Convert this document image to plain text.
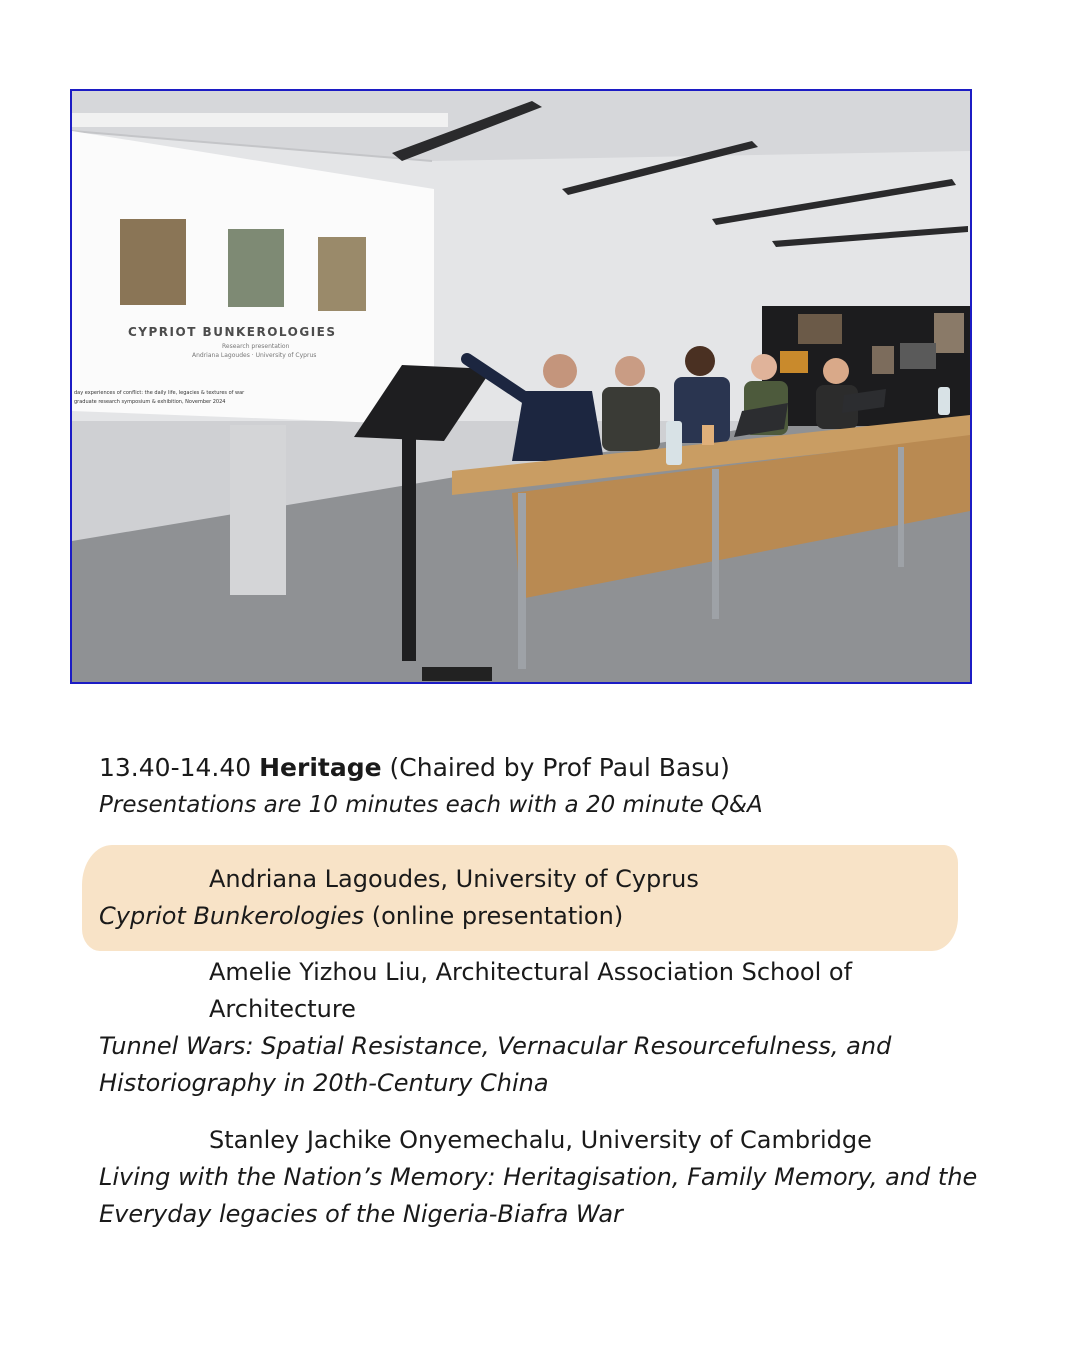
CYPRIOT BUNKEROLOGIES
Research presentation
Andriana Lagoudes · University of Cyprus
day experiences of conflict: the daily life, legacies & textures of war
graduate research symposium & exhibition, November 2024
13.40-14.40 Heritage (Chaired by Prof Paul Basu)
Presentations are 10 minutes each with a 20 minute Q&A
Andriana Lagoudes, University of Cyprus
Cypriot Bunkerologies (online presentation)
Amelie Yizhou Liu, Architectural Association School of Architecture
Tunnel Wars: Spatial Resistance, Vernacular Resourcefulness, and Historiography in 20th-Century China
Stanley Jachike Onyemechalu, University of Cambridge
Living with the Nation’s Memory: Heritagisation, Family Memory, and the Everyday legacies of the Nigeria-Biafra War
